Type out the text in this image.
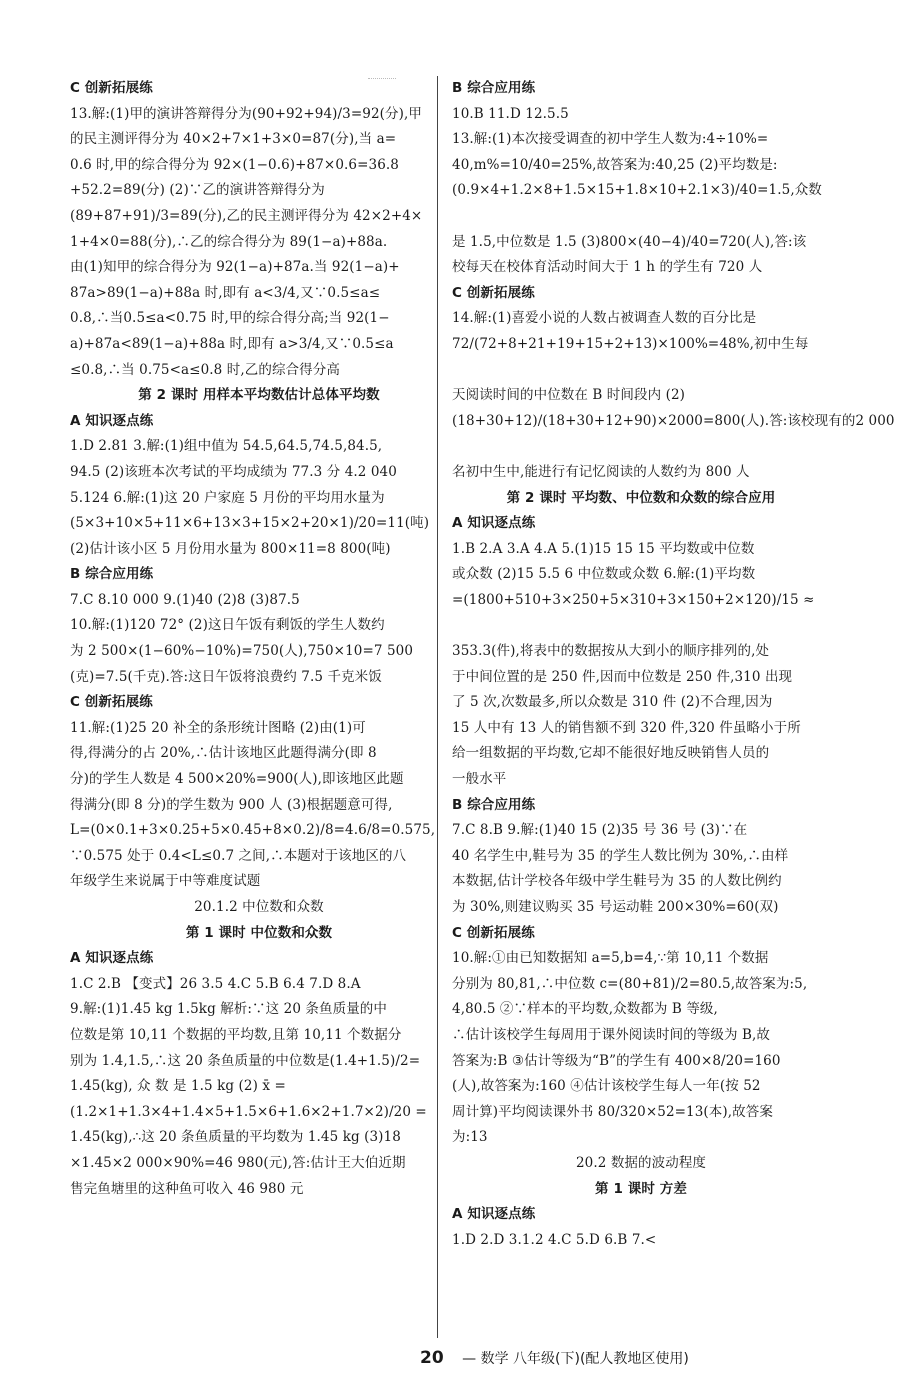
C 创新拓展练
13.解:(1)甲的演讲答辩得分为(90+92+94)/3=92(分),甲
的民主测评得分为 40×2+7×1+3×0=87(分),当 a=
0.6 时,甲的综合得分为 92×(1−0.6)+87×0.6=36.8
+52.2=89(分) (2)∵乙的演讲答辩得分为
(89+87+91)/3=89(分),乙的民主测评得分为 42×2+4×
1+4×0=88(分),∴乙的综合得分为 89(1−a)+88a.
由(1)知甲的综合得分为 92(1−a)+87a.当 92(1−a)+
87a>89(1−a)+88a 时,即有 a<3/4,又∵0.5≤a≤
0.8,∴当0.5≤a<0.75 时,甲的综合得分高;当 92(1−
a)+87a<89(1−a)+88a 时,即有 a>3/4,又∵0.5≤a
≤0.8,∴当 0.75<a≤0.8 时,乙的综合得分高
第 2 课时 用样本平均数估计总体平均数
A 知识逐点练
1.D 2.81 3.解:(1)组中值为 54.5,64.5,74.5,84.5,
94.5 (2)该班本次考试的平均成绩为 77.3 分 4.2 040
5.124 6.解:(1)这 20 户家庭 5 月份的平均用水量为
(5×3+10×5+11×6+13×3+15×2+20×1)/20=11(吨)
(2)估计该小区 5 月份用水量为 800×11=8 800(吨)
B 综合应用练
7.C 8.10 000 9.(1)40 (2)8 (3)87.5
10.解:(1)120 72° (2)这日午饭有剩饭的学生人数约
为 2 500×(1−60%−10%)=750(人),750×10=7 500
(克)=7.5(千克).答:这日午饭将浪费约 7.5 千克米饭
C 创新拓展练
11.解:(1)25 20 补全的条形统计图略 (2)由(1)可
得,得满分的占 20%,∴估计该地区此题得满分(即 8
分)的学生人数是 4 500×20%=900(人),即该地区此题
得满分(即 8 分)的学生数为 900 人 (3)根据题意可得,
L=(0×0.1+3×0.25+5×0.45+8×0.2)/8=4.6/8=0.575,
∵0.575 处于 0.4<L≤0.7 之间,∴本题对于该地区的八
年级学生来说属于中等难度试题
20.1.2 中位数和众数
第 1 课时 中位数和众数
A 知识逐点练
1.C 2.B 【变式】26 3.5 4.C 5.B 6.4 7.D 8.A
9.解:(1)1.45 kg 1.5kg 解析:∵这 20 条鱼质量的中
位数是第 10,11 个数据的平均数,且第 10,11 个数据分
别为 1.4,1.5,∴这 20 条鱼质量的中位数是(1.4+1.5)/2=
1.45(kg), 众 数 是 1.5 kg (2) x̄ =
(1.2×1+1.3×4+1.4×5+1.5×6+1.6×2+1.7×2)/20 =
1.45(kg),∴这 20 条鱼质量的平均数为 1.45 kg (3)18
×1.45×2 000×90%=46 980(元),答:估计王大伯近期
售完鱼塘里的这种鱼可收入 46 980 元
B 综合应用练
10.B 11.D 12.5.5
13.解:(1)本次接受调查的初中学生人数为:4÷10%=
40,m%=10/40=25%,故答案为:40,25 (2)平均数是:
(0.9×4+1.2×8+1.5×15+1.8×10+2.1×3)/40=1.5,众数

是 1.5,中位数是 1.5 (3)800×(40−4)/40=720(人),答:该
校每天在校体育活动时间大于 1 h 的学生有 720 人
C 创新拓展练
14.解:(1)喜爱小说的人数占被调查人数的百分比是
72/(72+8+21+19+15+2+13)×100%=48%,初中生每

天阅读时间的中位数在 B 时间段内 (2)
(18+30+12)/(18+30+12+90)×2000=800(人).答:该校现有的2 000

名初中生中,能进行有记忆阅读的人数约为 800 人
第 2 课时 平均数、中位数和众数的综合应用
A 知识逐点练
1.B 2.A 3.A 4.A 5.(1)15 15 15 平均数或中位数
或众数 (2)15 5.5 6 中位数或众数 6.解:(1)平均数
=(1800+510+3×250+5×310+3×150+2×120)/15 ≈

353.3(件),将表中的数据按从大到小的顺序排列的,处
于中间位置的是 250 件,因而中位数是 250 件,310 出现
了 5 次,次数最多,所以众数是 310 件 (2)不合理,因为
15 人中有 13 人的销售额不到 320 件,320 件虽略小于所
给一组数据的平均数,它却不能很好地反映销售人员的
一般水平
B 综合应用练
7.C 8.B 9.解:(1)40 15 (2)35 号 36 号 (3)∵在
40 名学生中,鞋号为 35 的学生人数比例为 30%,∴由样
本数据,估计学校各年级中学生鞋号为 35 的人数比例约
为 30%,则建议购买 35 号运动鞋 200×30%=60(双)
C 创新拓展练
10.解:①由已知数据知 a=5,b=4,∵第 10,11 个数据
分别为 80,81,∴中位数 c=(80+81)/2=80.5,故答案为:5,
4,80.5 ②∵样本的平均数,众数都为 B 等级,
∴估计该校学生每周用于课外阅读时间的等级为 B,故
答案为:B ③估计等级为“B”的学生有 400×8/20=160
(人),故答案为:160 ④估计该校学生每人一年(按 52
周计算)平均阅读课外书 80/320×52=13(本),故答案
为:13
20.2 数据的波动程度
第 1 课时 方差
A 知识逐点练
1.D 2.D 3.1.2 4.C 5.D 6.B 7.<
20 — 数学 八年级(下)(配人教地区使用)
